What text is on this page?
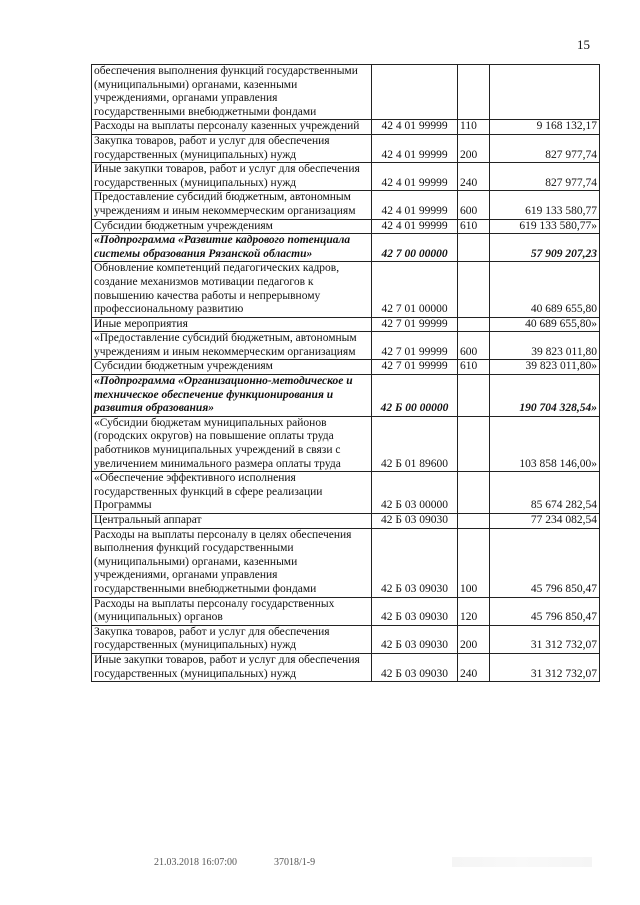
15
обеспечения выполнения функций государственными (муниципальными) органами, казенными учреждениями, органами управления государственными внебюджетными фондами			
Расходы на выплаты персоналу казенных учреждений	42 4 01 99999	110	9 168 132,17
Закупка товаров, работ и услуг для обеспечения государственных (муниципальных) нужд	42 4 01 99999	200	827 977,74
Иные закупки товаров, работ и услуг для обеспечения государственных (муниципальных) нужд	42 4 01 99999	240	827 977,74
Предоставление субсидий бюджетным, автономным учреждениям и иным некоммерческим организациям	42 4 01 99999	600	619 133 580,77
Субсидии бюджетным учреждениям	42 4 01 99999	610	619 133 580,77»
«Подпрограмма «Развитие кадрового потенциала системы образования Рязанской области»	42 7 00 00000		57 909 207,23
Обновление компетенций педагогических кадров, создание механизмов мотивации педагогов к повышению качества работы и непрерывному профессиональному развитию	42 7 01 00000		40 689 655,80
Иные мероприятия	42 7 01 99999		40 689 655,80»
«Предоставление субсидий бюджетным, автономным учреждениям и иным некоммерческим организациям	42 7 01 99999	600	39 823 011,80
Субсидии бюджетным учреждениям	42 7 01 99999	610	39 823 011,80»
«Подпрограмма «Организационно-методическое и техническое обеспечение функционирования и развития образования»	42 Б 00 00000		190 704 328,54»
«Субсидии бюджетам муниципальных районов (городских округов) на повышение оплаты труда работников муниципальных учреждений в связи с увеличением минимального размера оплаты труда	42 Б 01 89600		103 858 146,00»
«Обеспечение эффективного исполнения государственных функций в сфере реализации Программы	42 Б 03 00000		85 674 282,54
Центральный аппарат	42 Б 03 09030		77 234 082,54
Расходы на выплаты персоналу в целях обеспечения выполнения функций государственными (муниципальными) органами, казенными учреждениями, органами управления государственными внебюджетными фондами	42 Б 03 09030	100	45 796 850,47
Расходы на выплаты персоналу государственных (муниципальных) органов	42 Б 03 09030	120	45 796 850,47
Закупка товаров, работ и услуг для обеспечения государственных (муниципальных) нужд	42 Б 03 09030	200	31 312 732,07
Иные закупки товаров, работ и услуг для обеспечения государственных (муниципальных) нужд	42 Б 03 09030	240	31 312 732,07
21.03.2018 16:07:00	37018/1-9
